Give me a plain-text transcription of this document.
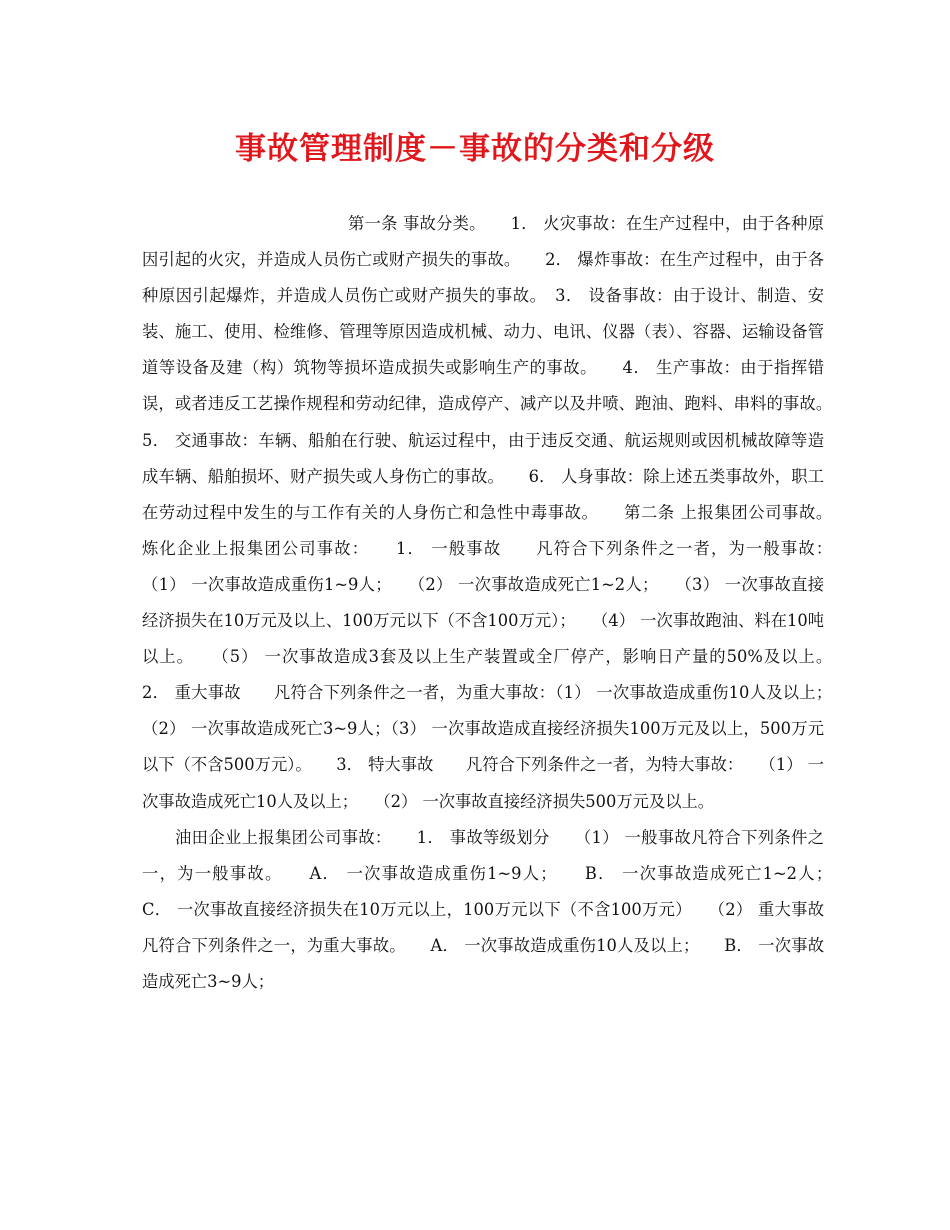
事故管理制度－事故的分类和分级

第一条 事故分类。　　1． 火灾事故：在生产过程中，由于各种原因引起的火灾，并造成人员伤亡或财产损失的事故。　　2． 爆炸事故：在生产过程中，由于各种原因引起爆炸，并造成人员伤亡或财产损失的事故。　3． 设备事故：由于设计、制造、安装、施工、使用、检维修、管理等原因造成机械、动力、电讯、仪器（表）、容器、运输设备管道等设备及建（构）筑物等损坏造成损失或影响生产的事故。　　4． 生产事故：由于指挥错误，或者违反工艺操作规程和劳动纪律，造成停产、减产以及井喷、跑油、跑料、串料的事故。　5． 交通事故：车辆、船舶在行驶、航运过程中，由于违反交通、航运规则或因机械故障等造成车辆、船舶损坏、财产损失或人身伤亡的事故。　　6． 人身事故：除上述五类事故外，职工在劳动过程中发生的与工作有关的人身伤亡和急性中毒事故。　　第二条 上报集团公司事故。　　炼化企业上报集团公司事故：　　1． 一般事故　　凡符合下列条件之一者，为一般事故：　　（1） 一次事故造成重伤1~9人；　　（2） 一次事故造成死亡1~2人；　　（3） 一次事故直接经济损失在10万元及以上、100万元以下（不含100万元）；　　（4） 一次事故跑油、料在10吨以上。　　（5） 一次事故造成3套及以上生产装置或全厂停产，影响日产量的50%及以上。　　2． 重大事故　　凡符合下列条件之一者，为重大事故：（1） 一次事故造成重伤10人及以上；　　（2） 一次事故造成死亡3~9人；（3） 一次事故造成直接经济损失100万元及以上，500万元以下（不含500万元）。　　3． 特大事故　　凡符合下列条件之一者，为特大事故：　　（1） 一次事故造成死亡10人及以上；　　（2） 一次事故直接经济损失500万元及以上。

油田企业上报集团公司事故：　　1． 事故等级划分　　（1） 一般事故凡符合下列条件之一，为一般事故。　　A． 一次事故造成重伤1~9人；　　B． 一次事故造成死亡1~2人；　　C． 一次事故直接经济损失在10万元以上，100万元以下（不含100万元）　　（2） 重大事故　　凡符合下列条件之一，为重大事故。　　A． 一次事故造成重伤10人及以上；　　B． 一次事故造成死亡3~9人；
